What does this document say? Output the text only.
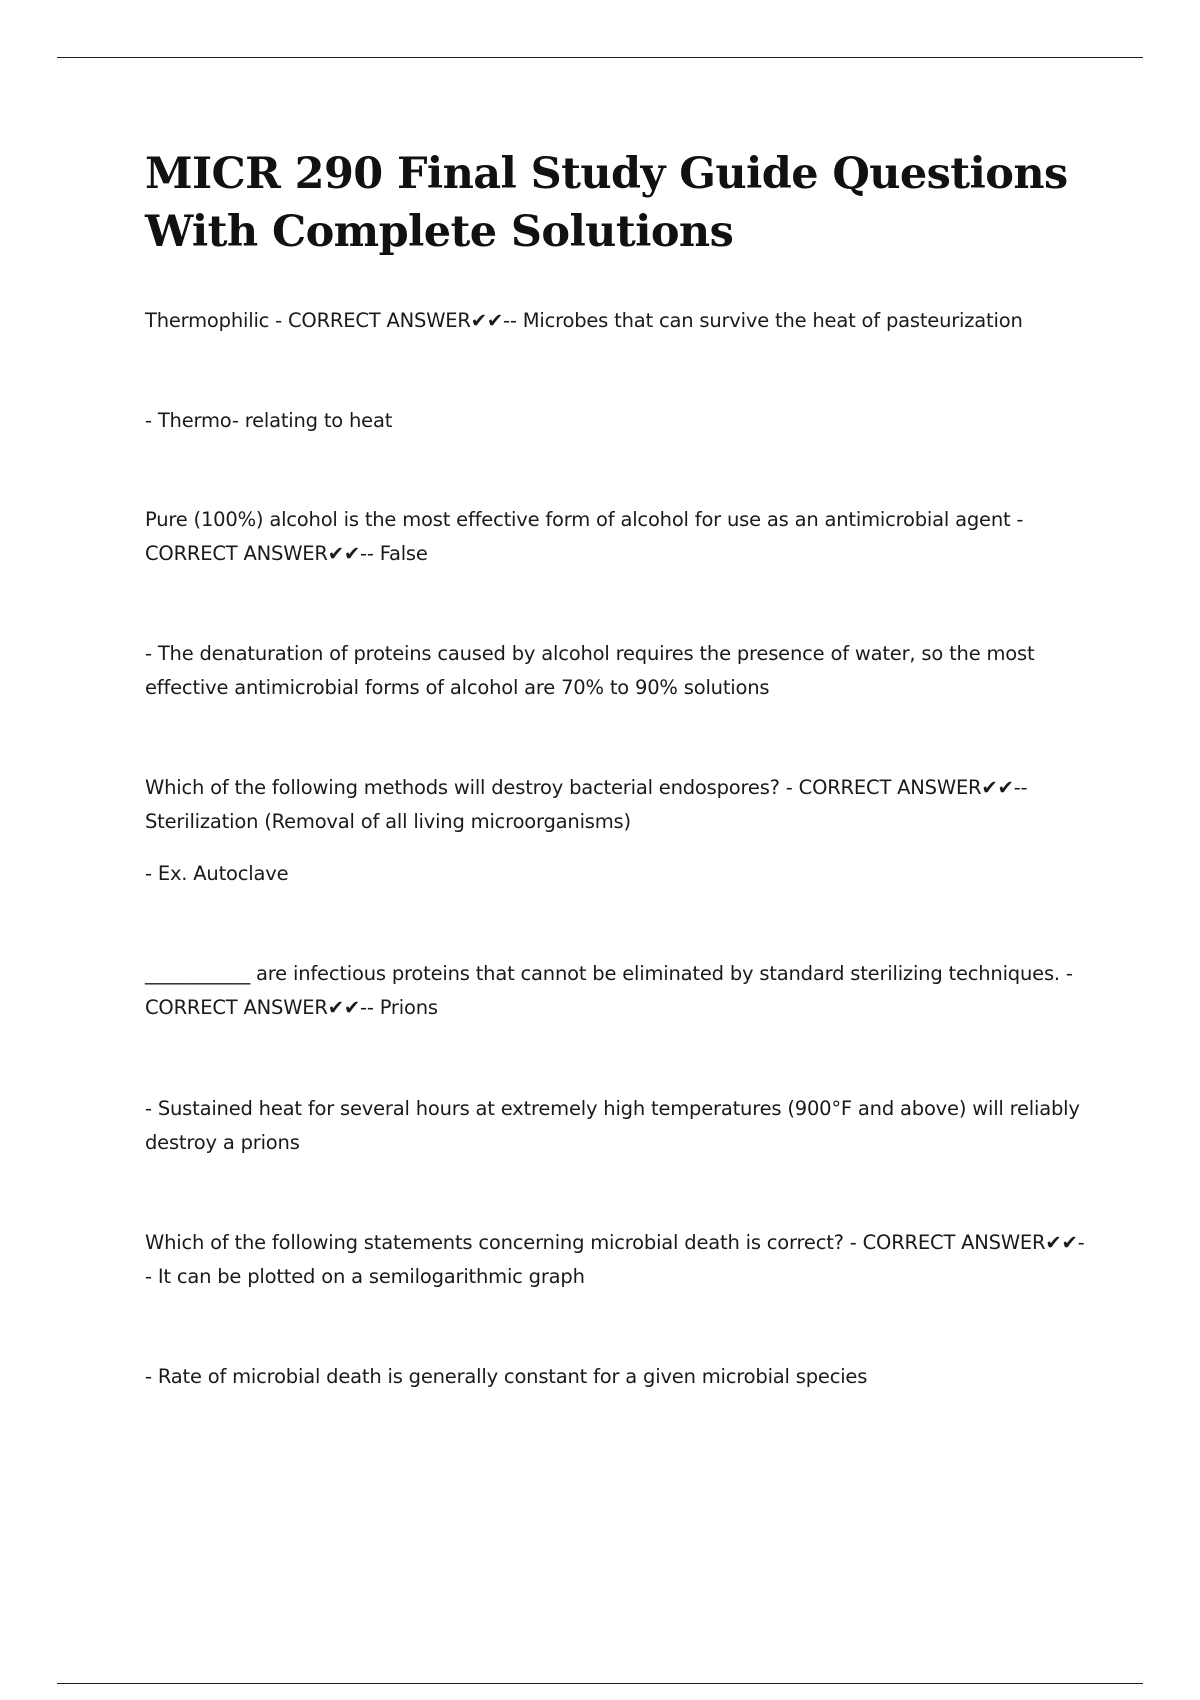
MICR 290 Final Study Guide Questions With Complete Solutions

Thermophilic - CORRECT ANSWER✔✔-- Microbes that can survive the heat of pasteurization

- Thermo- relating to heat

Pure (100%) alcohol is the most effective form of alcohol for use as an antimicrobial agent - CORRECT ANSWER✔✔-- False

- The denaturation of proteins caused by alcohol requires the presence of water, so the most effective antimicrobial forms of alcohol are 70% to 90% solutions

Which of the following methods will destroy bacterial endospores? - CORRECT ANSWER✔✔-- Sterilization (Removal of all living microorganisms)

- Ex. Autoclave

___________ are infectious proteins that cannot be eliminated by standard sterilizing techniques. - CORRECT ANSWER✔✔-- Prions

- Sustained heat for several hours at extremely high temperatures (900°F and above) will reliably destroy a prions

Which of the following statements concerning microbial death is correct? - CORRECT ANSWER✔✔-- It can be plotted on a semilogarithmic graph

- Rate of microbial death is generally constant for a given microbial species
